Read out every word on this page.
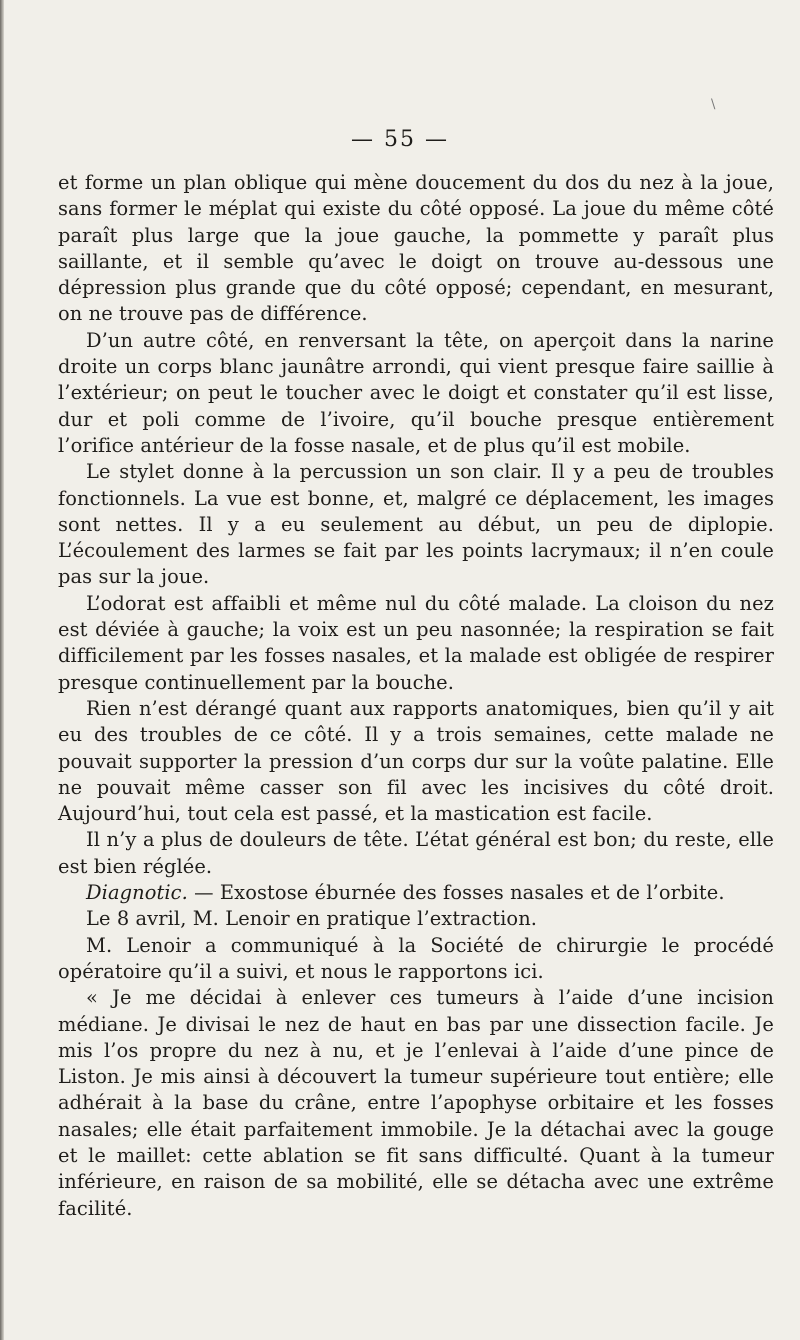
\
— 55 —

et forme un plan oblique qui mène doucement du dos du nez à la joue, sans former le méplat qui existe du côté opposé. La joue du même côté paraît plus large que la joue gauche, la pommette y paraît plus saillante, et il semble qu’avec le doigt on trouve au-dessous une dépression plus grande que du côté opposé; cependant, en mesurant, on ne trouve pas de différence.

D’un autre côté, en renversant la tête, on aperçoit dans la narine droite un corps blanc jaunâtre arrondi, qui vient presque faire saillie à l’extérieur; on peut le toucher avec le doigt et constater qu’il est lisse, dur et poli comme de l’ivoire, qu’il bouche presque entièrement l’orifice antérieur de la fosse nasale, et de plus qu’il est mobile.

Le stylet donne à la percussion un son clair. Il y a peu de troubles fonctionnels. La vue est bonne, et, malgré ce déplacement, les images sont nettes. Il y a eu seulement au début, un peu de diplopie. L’écoulement des larmes se fait par les points lacrymaux; il n’en coule pas sur la joue.

L’odorat est affaibli et même nul du côté malade. La cloison du nez est déviée à gauche; la voix est un peu nasonnée; la respiration se fait difficilement par les fosses nasales, et la malade est obligée de respirer presque continuellement par la bouche.

Rien n’est dérangé quant aux rapports anatomiques, bien qu’il y ait eu des troubles de ce côté. Il y a trois semaines, cette malade ne pouvait supporter la pression d’un corps dur sur la voûte palatine. Elle ne pouvait même casser son fil avec les incisives du côté droit. Aujourd’hui, tout cela est passé, et la mastication est facile.

Il n’y a plus de douleurs de tête. L’état général est bon; du reste, elle est bien réglée.

Diagnotic. — Exostose éburnée des fosses nasales et de l’orbite.

Le 8 avril, M. Lenoir en pratique l’extraction.

M. Lenoir a communiqué à la Société de chirurgie le procédé opératoire qu’il a suivi, et nous le rapportons ici.

« Je me décidai à enlever ces tumeurs à l’aide d’une incision médiane. Je divisai le nez de haut en bas par une dissection facile. Je mis l’os propre du nez à nu, et je l’enlevai à l’aide d’une pince de Liston. Je mis ainsi à découvert la tumeur supérieure tout entière; elle adhérait à la base du crâne, entre l’apophyse orbitaire et les fosses nasales; elle était parfaitement immobile. Je la détachai avec la gouge et le maillet: cette ablation se fit sans difficulté. Quant à la tumeur inférieure, en raison de sa mobilité, elle se détacha avec une extrême facilité.
